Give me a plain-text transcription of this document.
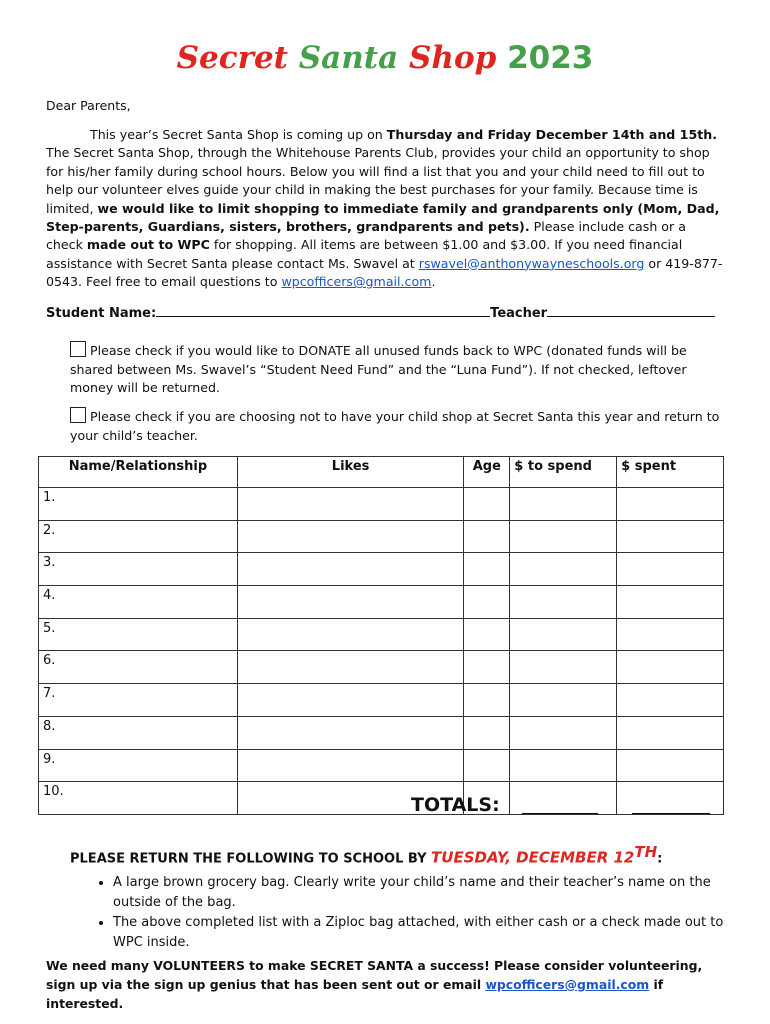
Secret Santa Shop 2023
Dear Parents,
This year’s Secret Santa Shop is coming up on Thursday and Friday December 14th and 15th. The Secret Santa Shop, through the Whitehouse Parents Club, provides your child an opportunity to shop for his/her family during school hours. Below you will find a list that you and your child need to fill out to help our volunteer elves guide your child in making the best purchases for your family. Because time is limited, we would like to limit shopping to immediate family and grandparents only (Mom, Dad, Step-parents, Guardians, sisters, brothers, grandparents and pets). Please include cash or a check made out to WPC for shopping. All items are between $1.00 and $3.00. If you need financial assistance with Secret Santa please contact Ms. Swavel at rswavel@anthonywayneschools.org or 419-877-0543. Feel free to email questions to wpcofficers@gmail.com.
Student Name:	Teacher
Please check if you would like to DONATE all unused funds back to WPC (donated funds will be shared between Ms. Swavel’s “Student Need Fund” and the “Luna Fund”). If not checked, leftover money will be returned.
Please check if you are choosing not to have your child shop at Secret Santa this year and return to your child’s teacher.
Name/Relationship	Likes	Age	$ to spend	$ spent
1.				
2.				
3.				
4.				
5.				
6.				
7.				
8.				
9.				
10.				
TOTALS:
PLEASE RETURN THE FOLLOWING TO SCHOOL BY TUESDAY, DECEMBER 12TH:
• A large brown grocery bag. Clearly write your child’s name and their teacher’s name on the outside of the bag.
• The above completed list with a Ziploc bag attached, with either cash or a check made out to WPC inside.
We need many VOLUNTEERS to make SECRET SANTA a success! Please consider volunteering, sign up via the sign up genius that has been sent out or email wpcofficers@gmail.com if interested.
